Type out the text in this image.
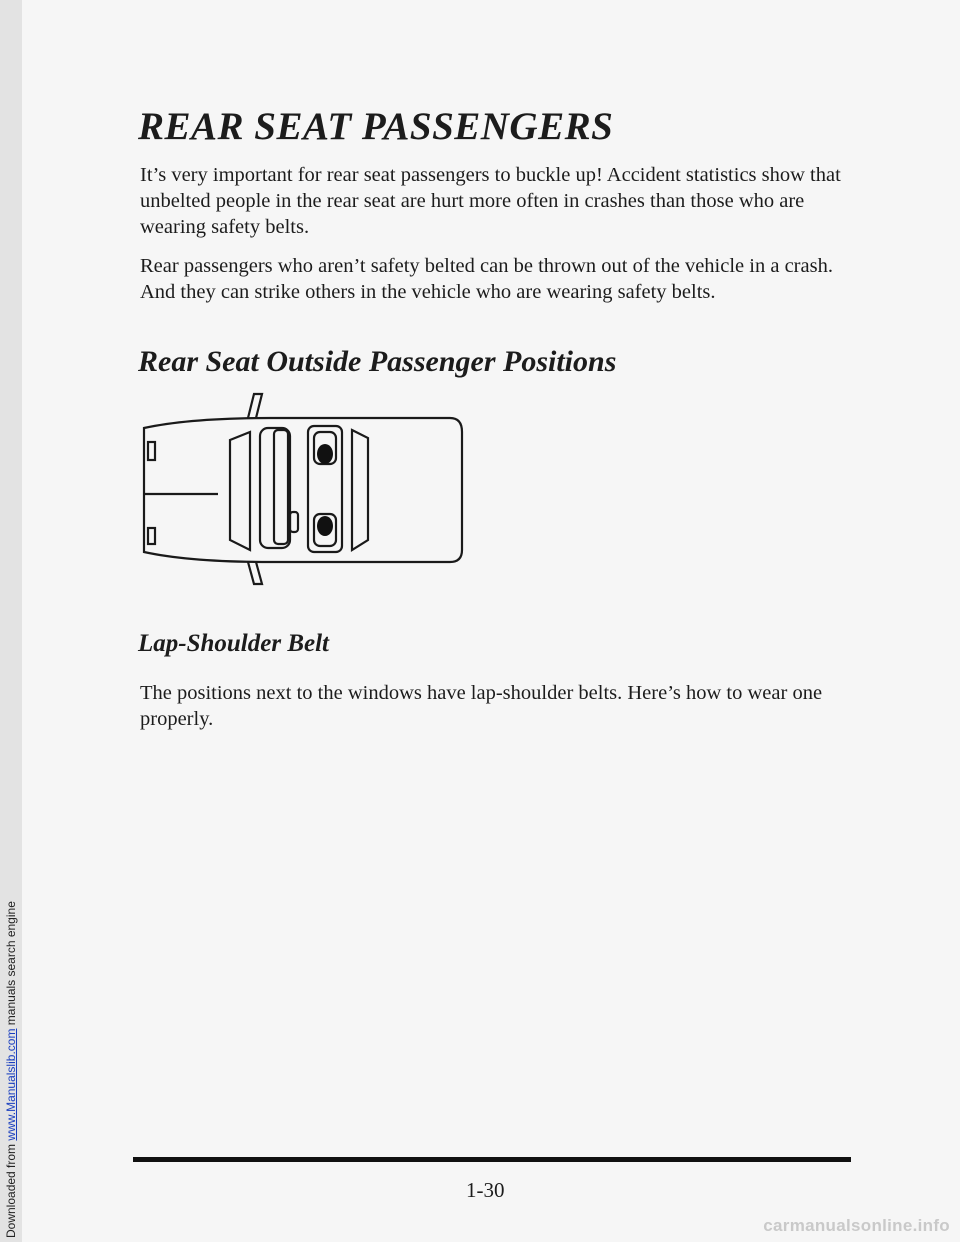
Downloaded from www.Manualslib.com manuals search engine
REAR SEAT PASSENGERS

It’s very important for rear seat passengers to buckle up! Accident statistics show that unbelted people in the rear seat are hurt more often in crashes than those who are wearing safety belts.

Rear passengers who aren’t safety belted can be thrown out of the vehicle in a crash. And they can strike others in the vehicle who are wearing safety belts.

Rear Seat Outside Passenger Positions
Lap-Shoulder Belt

The positions next to the windows have lap-shoulder belts. Here’s how to wear one properly.

1-30
carmanualsonline.info
